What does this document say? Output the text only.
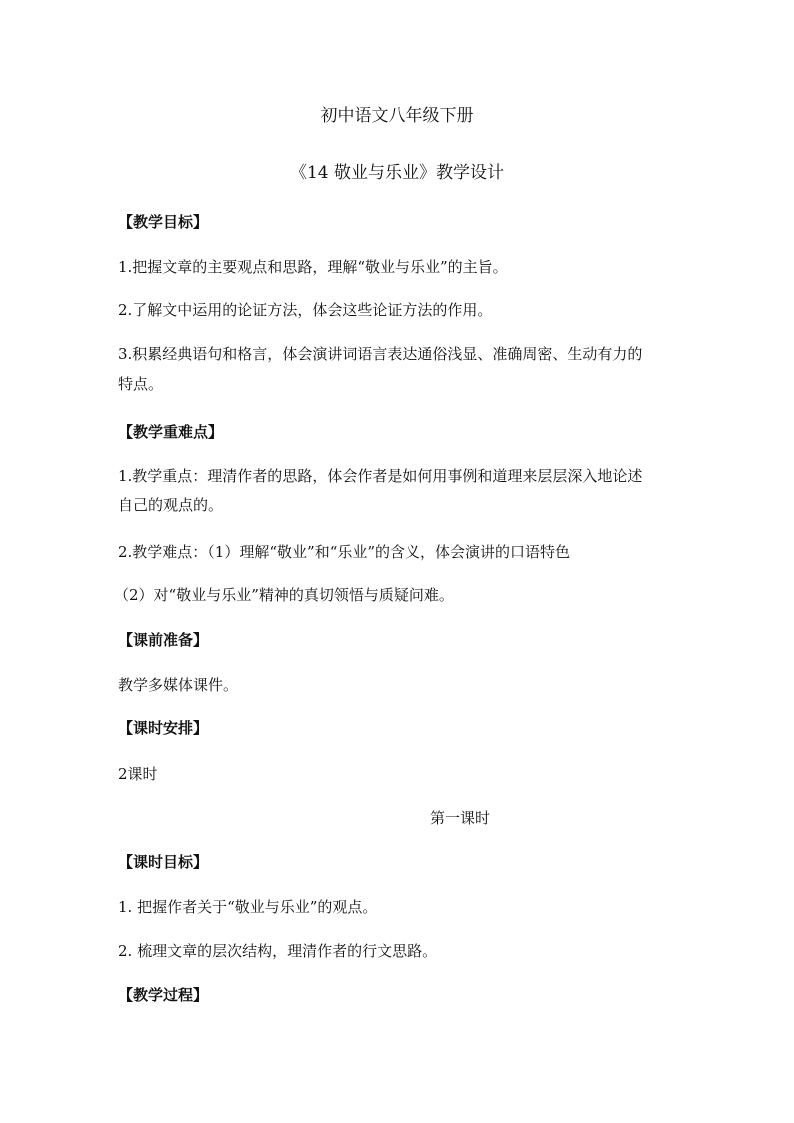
初中语文八年级下册
《14 敬业与乐业》教学设计
【教学目标】
1.把握文章的主要观点和思路，理解“敬业与乐业”的主旨。
2.了解文中运用的论证方法，体会这些论证方法的作用。
3.积累经典语句和格言，体会演讲词语言表达通俗浅显、准确周密、生动有力的
特点。
【教学重难点】
1.教学重点：理清作者的思路，体会作者是如何用事例和道理来层层深入地论述
自己的观点的。
2.教学难点：（1）理解“敬业”和“乐业”的含义，体会演讲的口语特色
（2）对“敬业与乐业”精神的真切领悟与质疑问难。
【课前准备】
教学多媒体课件。
【课时安排】
2课时
第一课时
【课时目标】
1. 把握作者关于“敬业与乐业”的观点。
2. 梳理文章的层次结构，理清作者的行文思路。
【教学过程】
